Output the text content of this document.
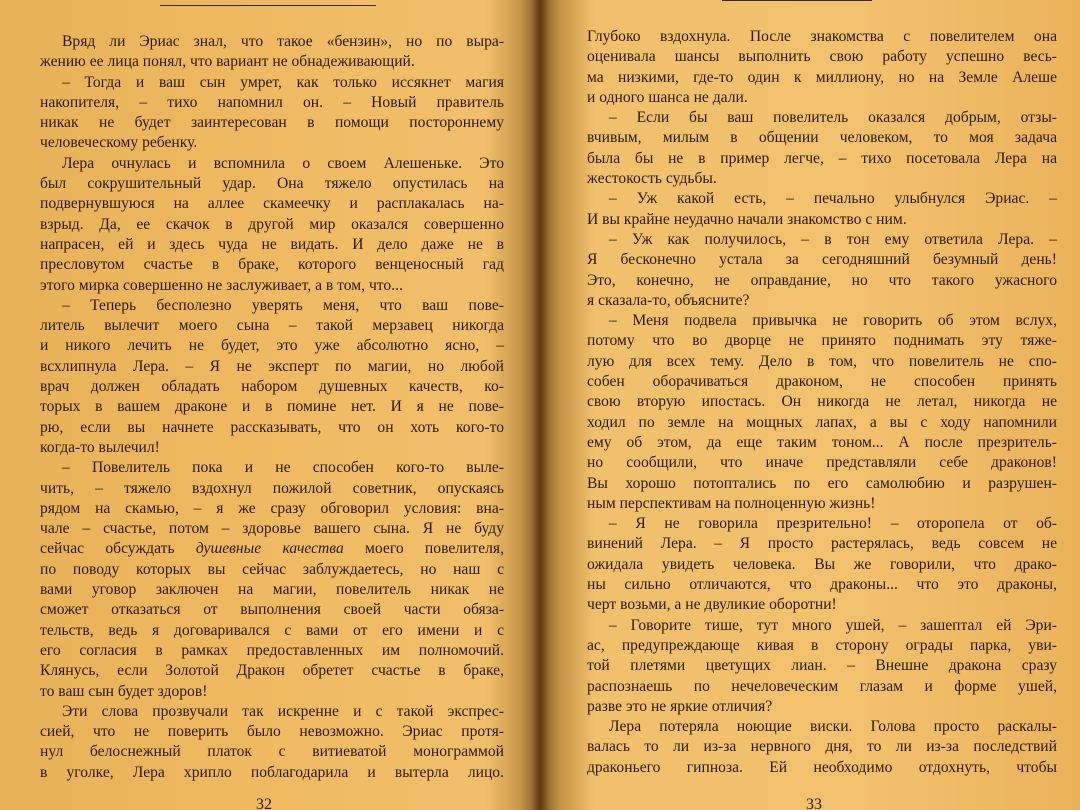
Вряд ли Эриас знал, что такое «бензин», но по выра-
жению ее лица понял, что вариант не обнадеживающий.
– Тогда и ваш сын умрет, как только иссякнет магия
накопителя, – тихо напомнил он. – Новый правитель
никак не будет заинтересован в помощи постороннему
человеческому ребенку.
Лера очнулась и вспомнила о своем Алешеньке. Это
был сокрушительный удар. Она тяжело опустилась на
подвернувшуюся на аллее скамеечку и расплакалась на-
взрыд. Да, ее скачок в другой мир оказался совершенно
напрасен, ей и здесь чуда не видать. И дело даже не в
пресловутом счастье в браке, которого венценосный гад
этого мирка совершенно не заслуживает, а в том, что...
– Теперь бесполезно уверять меня, что ваш пове-
литель вылечит моего сына – такой мерзавец никогда
и никого лечить не будет, это уже абсолютно ясно, –
всхлипнула Лера. – Я не эксперт по магии, но любой
врач должен обладать набором душевных качеств, ко-
торых в вашем драконе и в помине нет. И я не пове-
рю, если вы начнете рассказывать, что он хоть кого-то
когда-то вылечил!
– Повелитель пока и не способен кого-то выле-
чить, – тяжело вздохнул пожилой советник, опускаясь
рядом на скамью, – я же сразу обговорил условия: вна-
чале – счастье, потом – здоровье вашего сына. Я не буду
сейчас обсуждать душевные качества моего повелителя,
по поводу которых вы сейчас заблуждаетесь, но наш с
вами уговор заключен на магии, повелитель никак не
сможет отказаться от выполнения своей части обяза-
тельств, ведь я договаривался с вами от его имени и с
его согласия в рамках предоставленных им полномочий.
Клянусь, если Золотой Дракон обретет счастье в браке,
то ваш сын будет здоров!
Эти слова прозвучали так искренне и с такой экспрес-
сией, что не поверить было невозможно. Эриас протя-
нул белоснежный платок с витиеватой монограммой
в уголке, Лера хрипло поблагодарила и вытерла лицо.
32
Глубоко вздохнула. После знакомства с повелителем она
оценивала шансы выполнить свою работу успешно весь-
ма низкими, где-то один к миллиону, но на Земле Алеше
и одного шанса не дали.
– Если бы ваш повелитель оказался добрым, отзы-
вчивым, милым в общении человеком, то моя задача
была бы не в пример легче, – тихо посетовала Лера на
жестокость судьбы.
– Уж какой есть, – печально улыбнулся Эриас. –
И вы крайне неудачно начали знакомство с ним.
– Уж как получилось, – в тон ему ответила Лера. –
Я бесконечно устала за сегодняшний безумный день!
Это, конечно, не оправдание, но что такого ужасного
я сказала-то, объясните?
– Меня подвела привычка не говорить об этом вслух,
потому что во дворце не принято поднимать эту тяже-
лую для всех тему. Дело в том, что повелитель не спо-
собен оборачиваться драконом, не способен принять
свою вторую ипостась. Он никогда не летал, никогда не
ходил по земле на мощных лапах, а вы с ходу напомнили
ему об этом, да еще таким тоном... А после презритель-
но сообщили, что иначе представляли себе драконов!
Вы хорошо потоптались по его самолюбию и разрушен-
ным перспективам на полноценную жизнь!
– Я не говорила презрительно! – оторопела от об-
винений Лера. – Я просто растерялась, ведь совсем не
ожидала увидеть человека. Вы же говорили, что драко-
ны сильно отличаются, что драконы... что это драконы,
черт возьми, а не двуликие оборотни!
– Говорите тише, тут много ушей, – зашептал ей Эри-
ас, предупреждающе кивая в сторону ограды парка, уви-
той плетями цветущих лиан. – Внешне дракона сразу
распознаешь по нечеловеческим глазам и форме ушей,
разве это не яркие отличия?
Лера потеряла ноющие виски. Голова просто раскалы-
валась то ли из-за нервного дня, то ли из-за последствий
драконьего гипноза. Ей необходимо отдохнуть, чтобы
33
